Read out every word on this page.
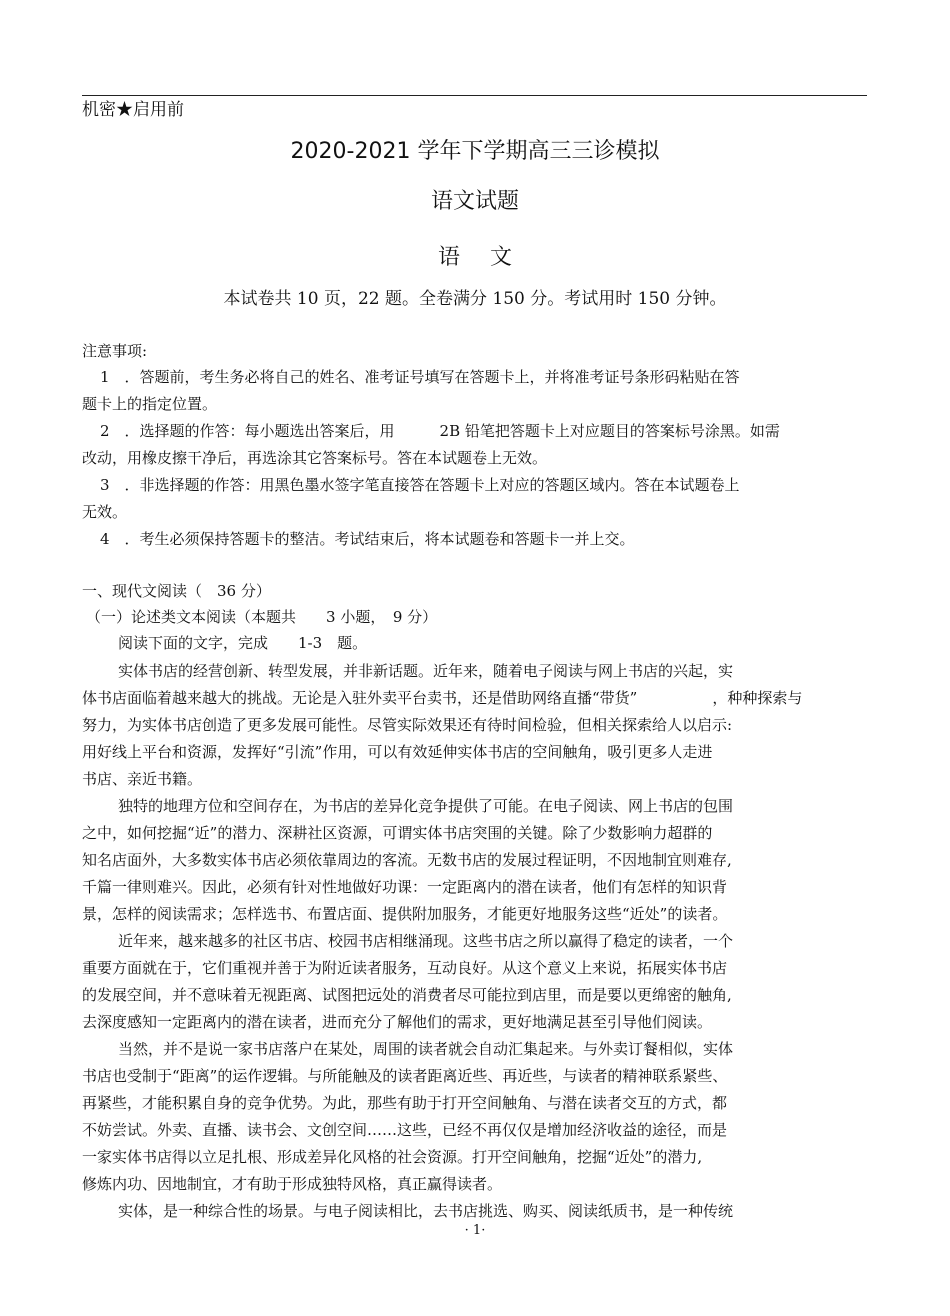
机密★启用前
2020-2021 学年下学期高三三诊模拟
语文试题
语文
本试卷共 10 页，22 题。全卷满分 150 分。考试用时 150 分钟。
注意事项:
1　．答题前，考生务必将自己的姓名、准考证号填写在答题卡上，并将准考证号条形码粘贴在答
题卡上的指定位置。
2　．选择题的作答：每小题选出答案后，用　　　2B 铅笔把答题卡上对应题目的答案标号涂黑。如需
改动，用橡皮擦干净后，再选涂其它答案标号。答在本试题卷上无效。
3　．非选择题的作答：用黑色墨水签字笔直接答在答题卡上对应的答题区域内。答在本试题卷上
无效。
4　．考生必须保持答题卡的整洁。考试结束后，将本试题卷和答题卡一并上交。
一、现代文阅读（　36 分）
（一）论述类文本阅读（本题共　　3 小题，　9 分）
阅读下面的文字，完成　　1-3　题。
实体书店的经营创新、转型发展，并非新话题。近年来，随着电子阅读与网上书店的兴起，实
体书店面临着越来越大的挑战。无论是入驻外卖平台卖书，还是借助网络直播“带货”　　　　　，种种探索与
努力，为实体书店创造了更多发展可能性。尽管实际效果还有待时间检验，但相关探索给人以启示:
用好线上平台和资源，发挥好“引流”作用，可以有效延伸实体书店的空间触角，吸引更多人走进
书店、亲近书籍。
独特的地理方位和空间存在，为书店的差异化竞争提供了可能。在电子阅读、网上书店的包围
之中，如何挖掘“近”的潜力、深耕社区资源，可谓实体书店突围的关键。除了少数影响力超群的
知名店面外，大多数实体书店必须依靠周边的客流。无数书店的发展过程证明，不因地制宜则难存,
千篇一律则难兴。因此，必须有针对性地做好功课：一定距离内的潜在读者，他们有怎样的知识背
景，怎样的阅读需求；怎样选书、布置店面、提供附加服务，才能更好地服务这些“近处”的读者。
近年来，越来越多的社区书店、校园书店相继涌现。这些书店之所以赢得了稳定的读者，一个
重要方面就在于，它们重视并善于为附近读者服务，互动良好。从这个意义上来说，拓展实体书店
的发展空间，并不意味着无视距离、试图把远处的消费者尽可能拉到店里，而是要以更绵密的触角,
去深度感知一定距离内的潜在读者，进而充分了解他们的需求，更好地满足甚至引导他们阅读。
当然，并不是说一家书店落户在某处，周围的读者就会自动汇集起来。与外卖订餐相似，实体
书店也受制于“距离”的运作逻辑。与所能触及的读者距离近些、再近些，与读者的精神联系紧些、
再紧些，才能积累自身的竞争优势。为此，那些有助于打开空间触角、与潜在读者交互的方式，都
不妨尝试。外卖、直播、读书会、文创空间……这些，已经不再仅仅是增加经济收益的途径，而是
一家实体书店得以立足扎根、形成差异化风格的社会资源。打开空间触角，挖掘“近处”的潜力,
修炼内功、因地制宜，才有助于形成独特风格，真正赢得读者。
实体，是一种综合性的场景。与电子阅读相比，去书店挑选、购买、阅读纸质书，是一种传统
· 1·
